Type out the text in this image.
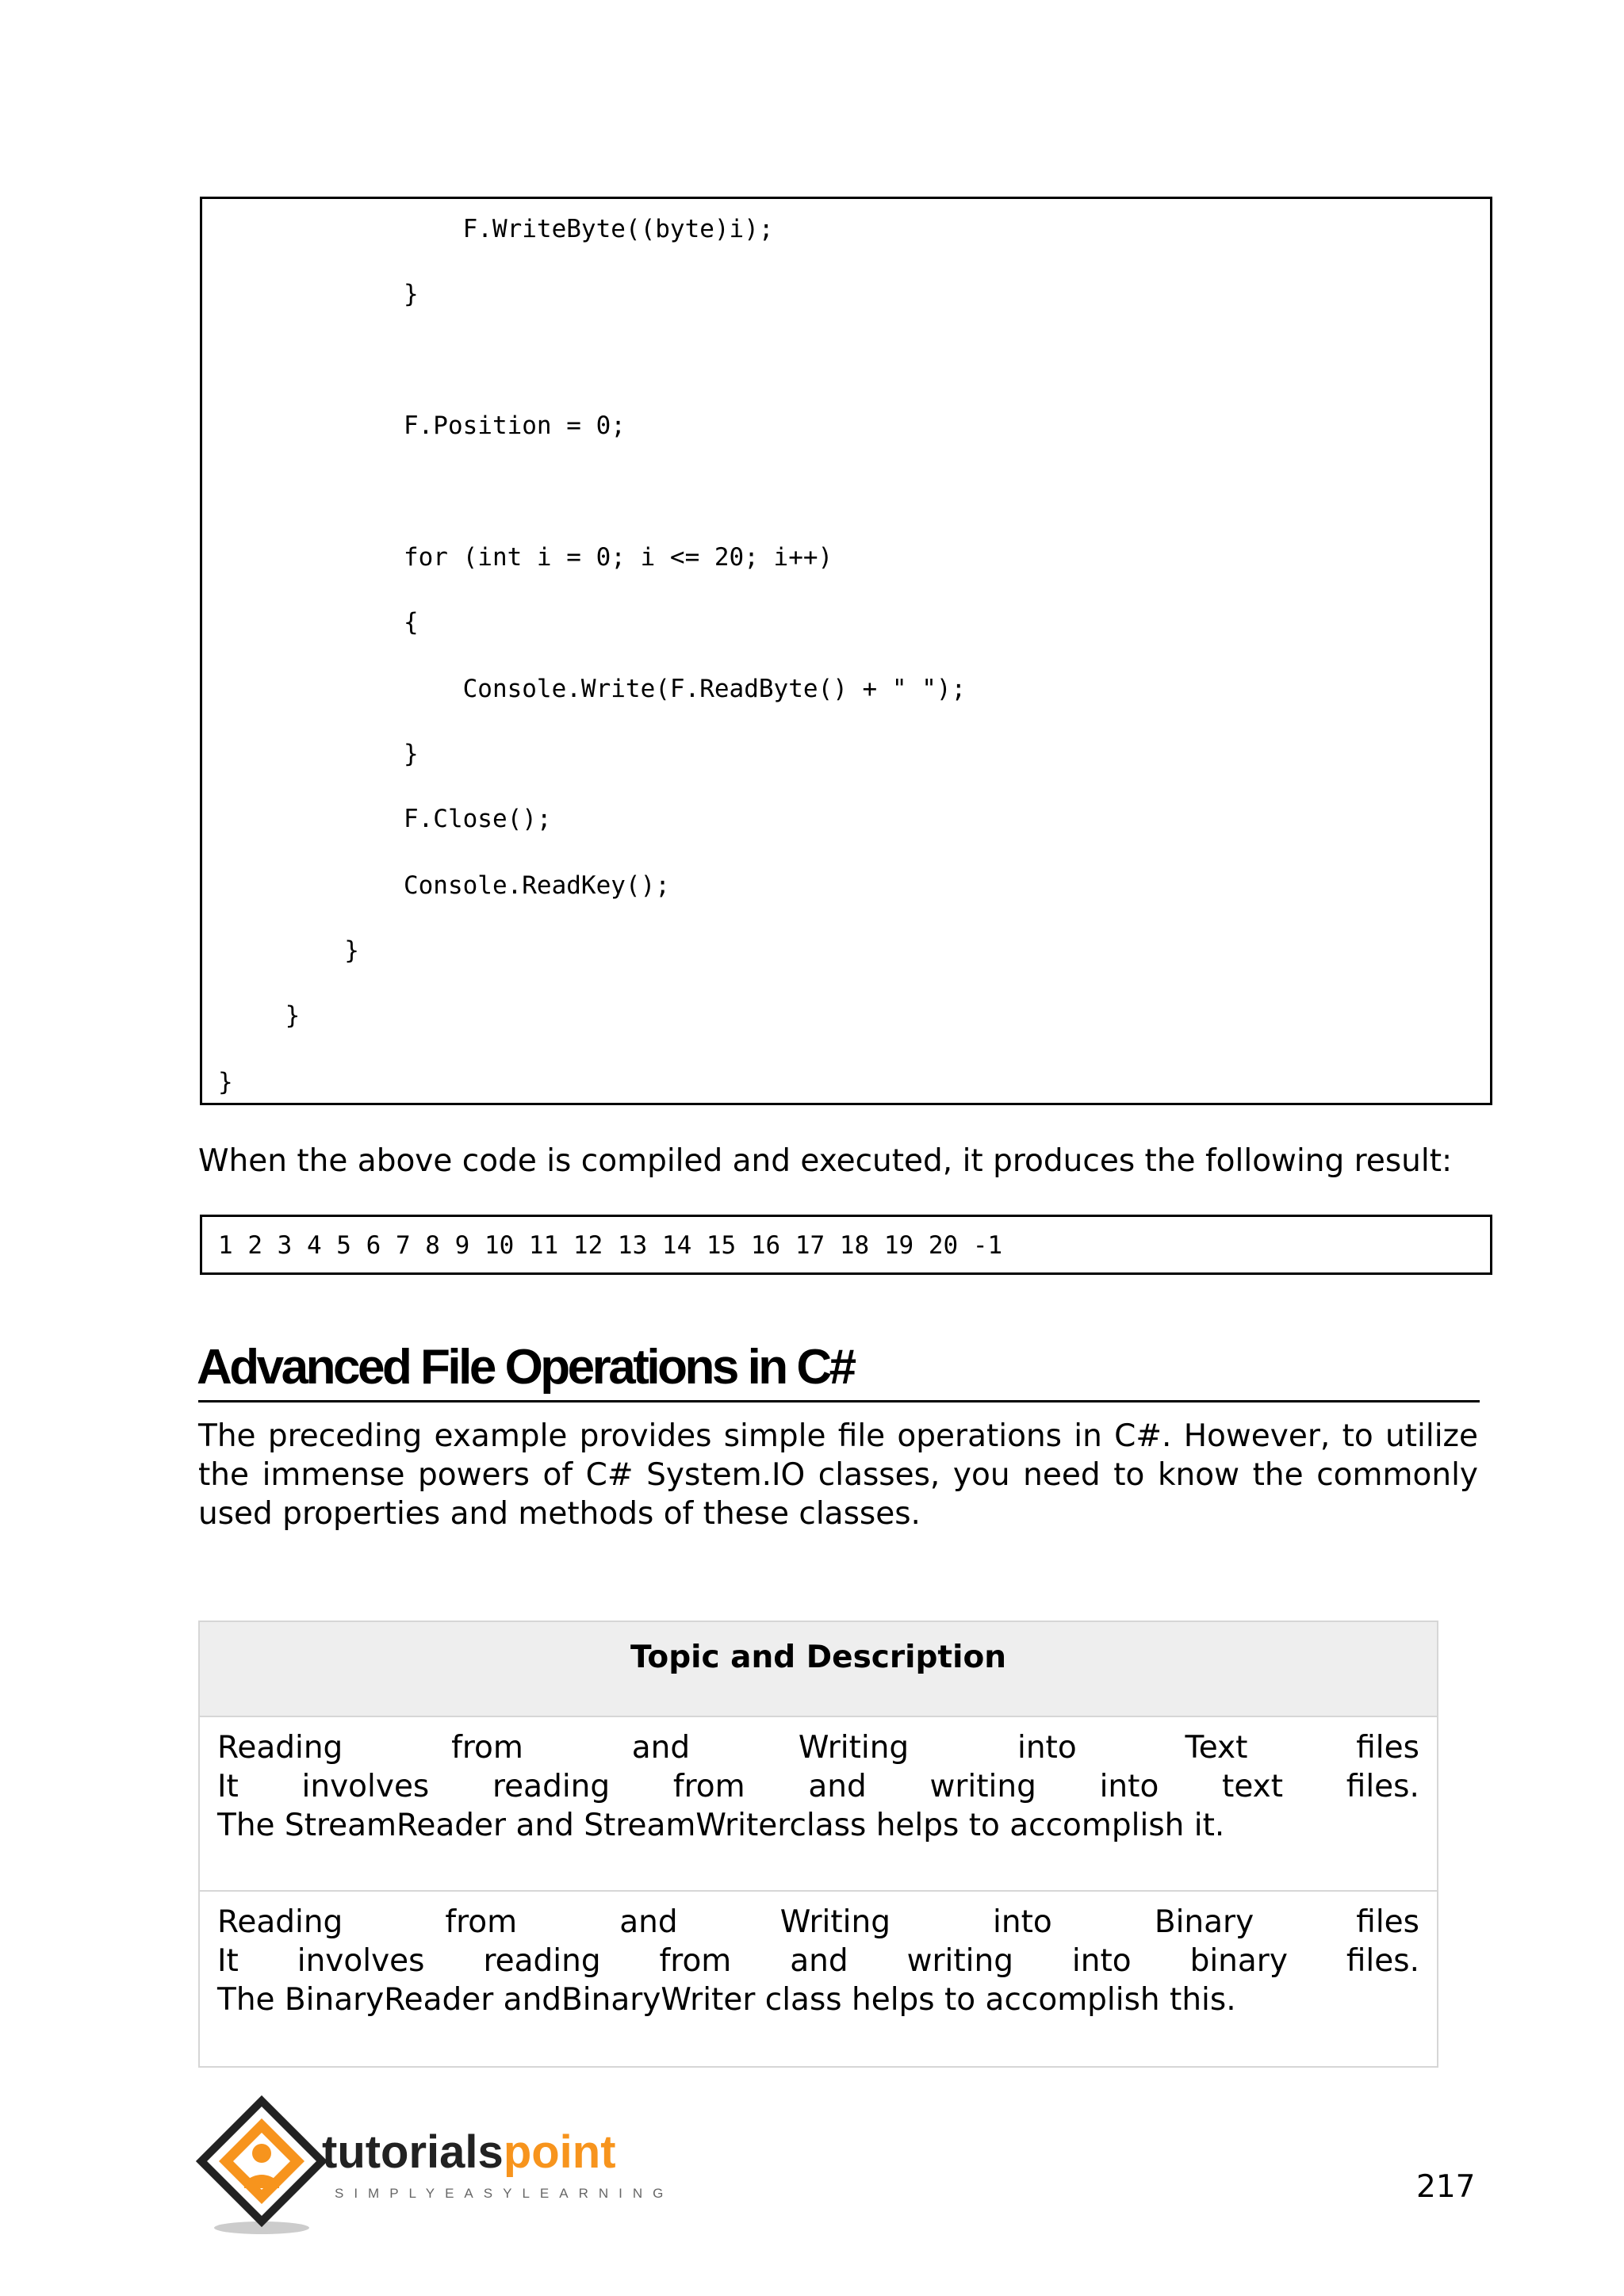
F.WriteByte((byte)i);
}
F.Position = 0;
for (int i = 0; i <= 20; i++)
{
Console.Write(F.ReadByte() + " ");
}
F.Close();
Console.ReadKey();
}
}
}
When the above code is compiled and executed, it produces the following result:
1 2 3 4 5 6 7 8 9 10 11 12 13 14 15 16 17 18 19 20 -1
Advanced File Operations in C#
The preceding example provides simple file operations in C#. However, to utilize the immense powers of C# System.IO classes, you need to know the commonly used properties and methods of these classes.
Topic and Description
Reading	from	and	Writing	into	Text	files
It involves reading from and writing into text files.
The StreamReader and StreamWriterclass helps to accomplish it.
Reading	from	and	Writing	into	Binary	files
It involves reading from and writing into binary files.
The BinaryReader andBinaryWriter class helps to accomplish this.
tutorialspoint
SIMPLYEASYLEARNING	217
